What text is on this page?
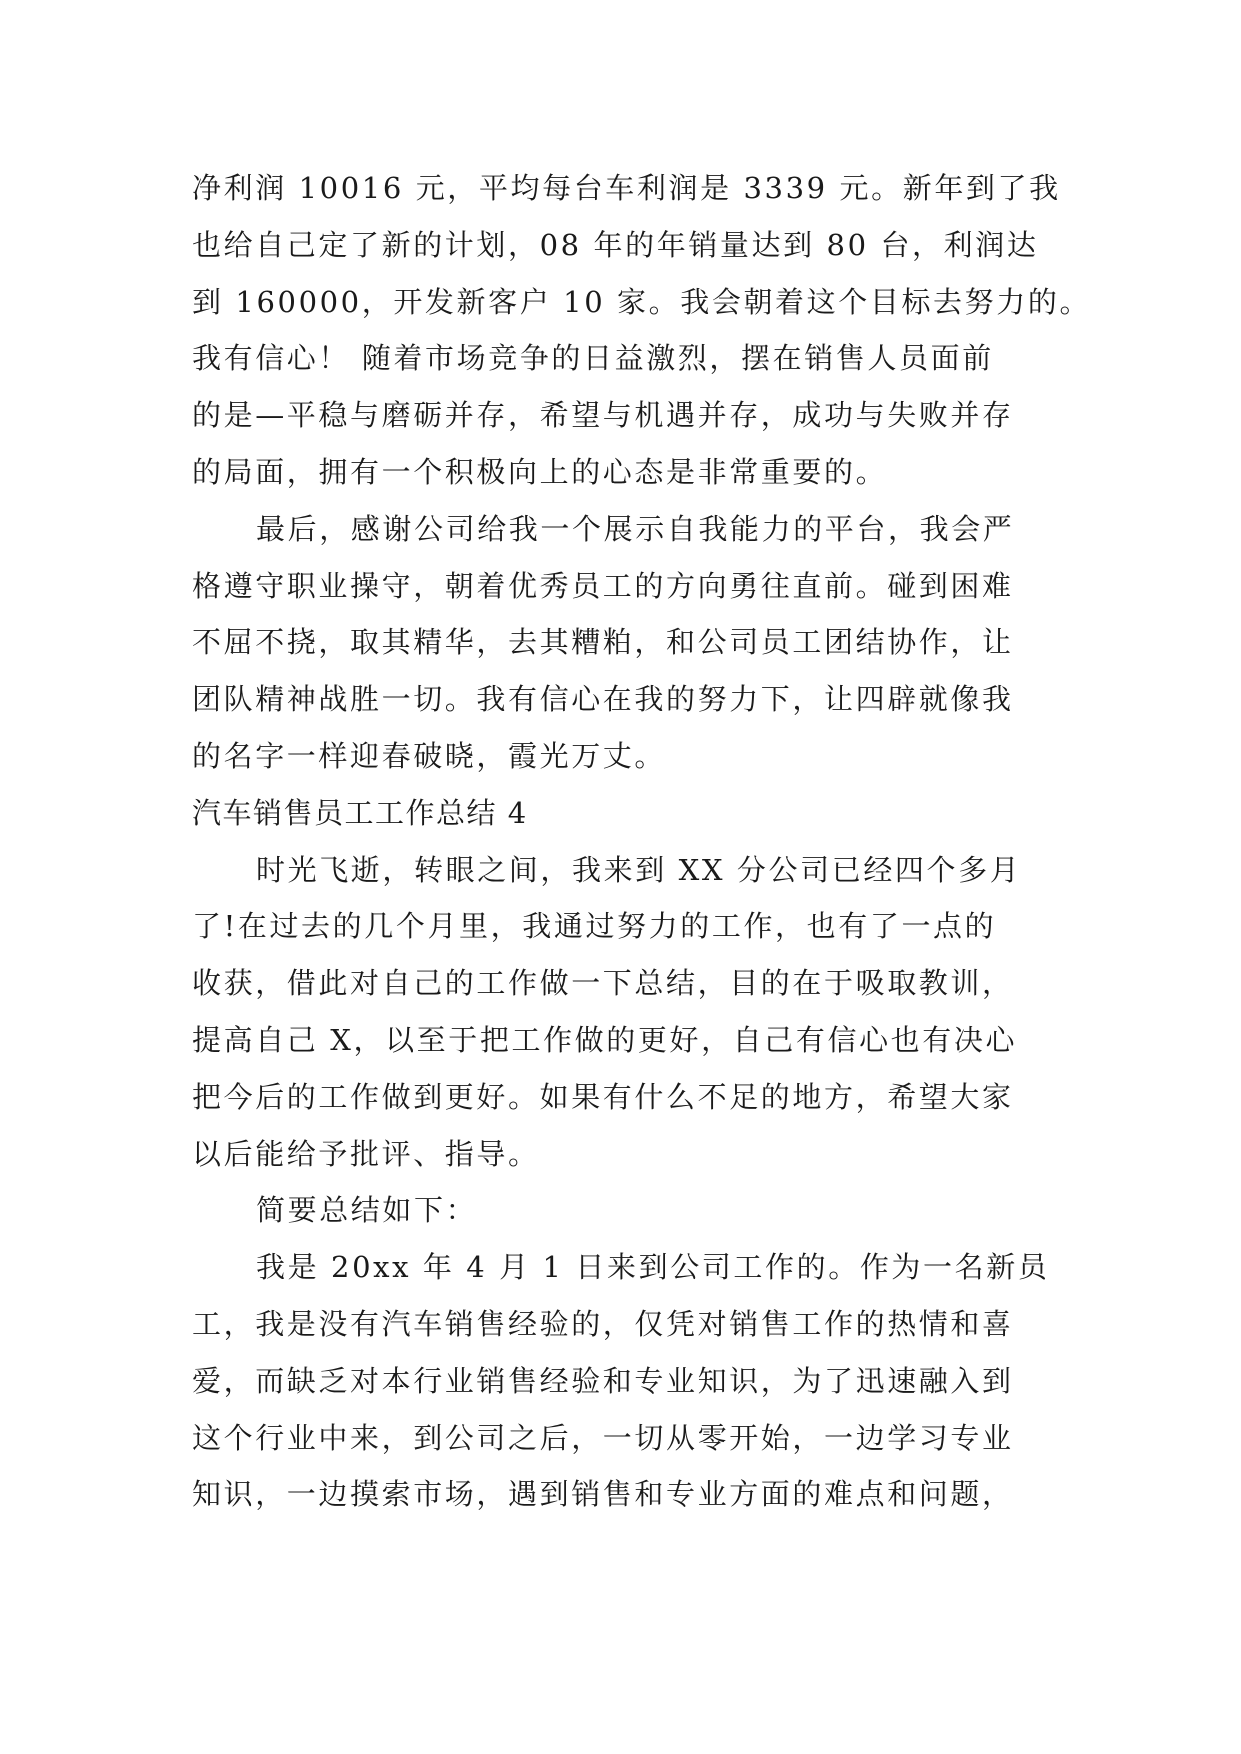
净利润 10016 元，平均每台车利润是 3339 元。新年到了我
也给自己定了新的计划，08 年的年销量达到 80 台，利润达
到 160000，开发新客户 10 家。我会朝着这个目标去努力的。
我有信心！ 随着市场竞争的日益激烈，摆在销售人员面前
的是—平稳与磨砺并存，希望与机遇并存，成功与失败并存
的局面，拥有一个积极向上的心态是非常重要的。
最后，感谢公司给我一个展示自我能力的平台，我会严
格遵守职业操守，朝着优秀员工的方向勇往直前。碰到困难
不屈不挠，取其精华，去其糟粕，和公司员工团结协作，让
团队精神战胜一切。我有信心在我的努力下，让四辟就像我
的名字一样迎春破晓，霞光万丈。
汽车销售员工工作总结 4
时光飞逝，转眼之间，我来到 XX 分公司已经四个多月
了!在过去的几个月里，我通过努力的工作，也有了一点的
收获，借此对自己的工作做一下总结，目的在于吸取教训，
提高自己 X，以至于把工作做的更好，自己有信心也有决心
把今后的工作做到更好。如果有什么不足的地方，希望大家
以后能给予批评、指导。
简要总结如下：
我是 20xx 年 4 月 1 日来到公司工作的。作为一名新员
工，我是没有汽车销售经验的，仅凭对销售工作的热情和喜
爱，而缺乏对本行业销售经验和专业知识，为了迅速融入到
这个行业中来，到公司之后，一切从零开始，一边学习专业
知识，一边摸索市场，遇到销售和专业方面的难点和问题，
